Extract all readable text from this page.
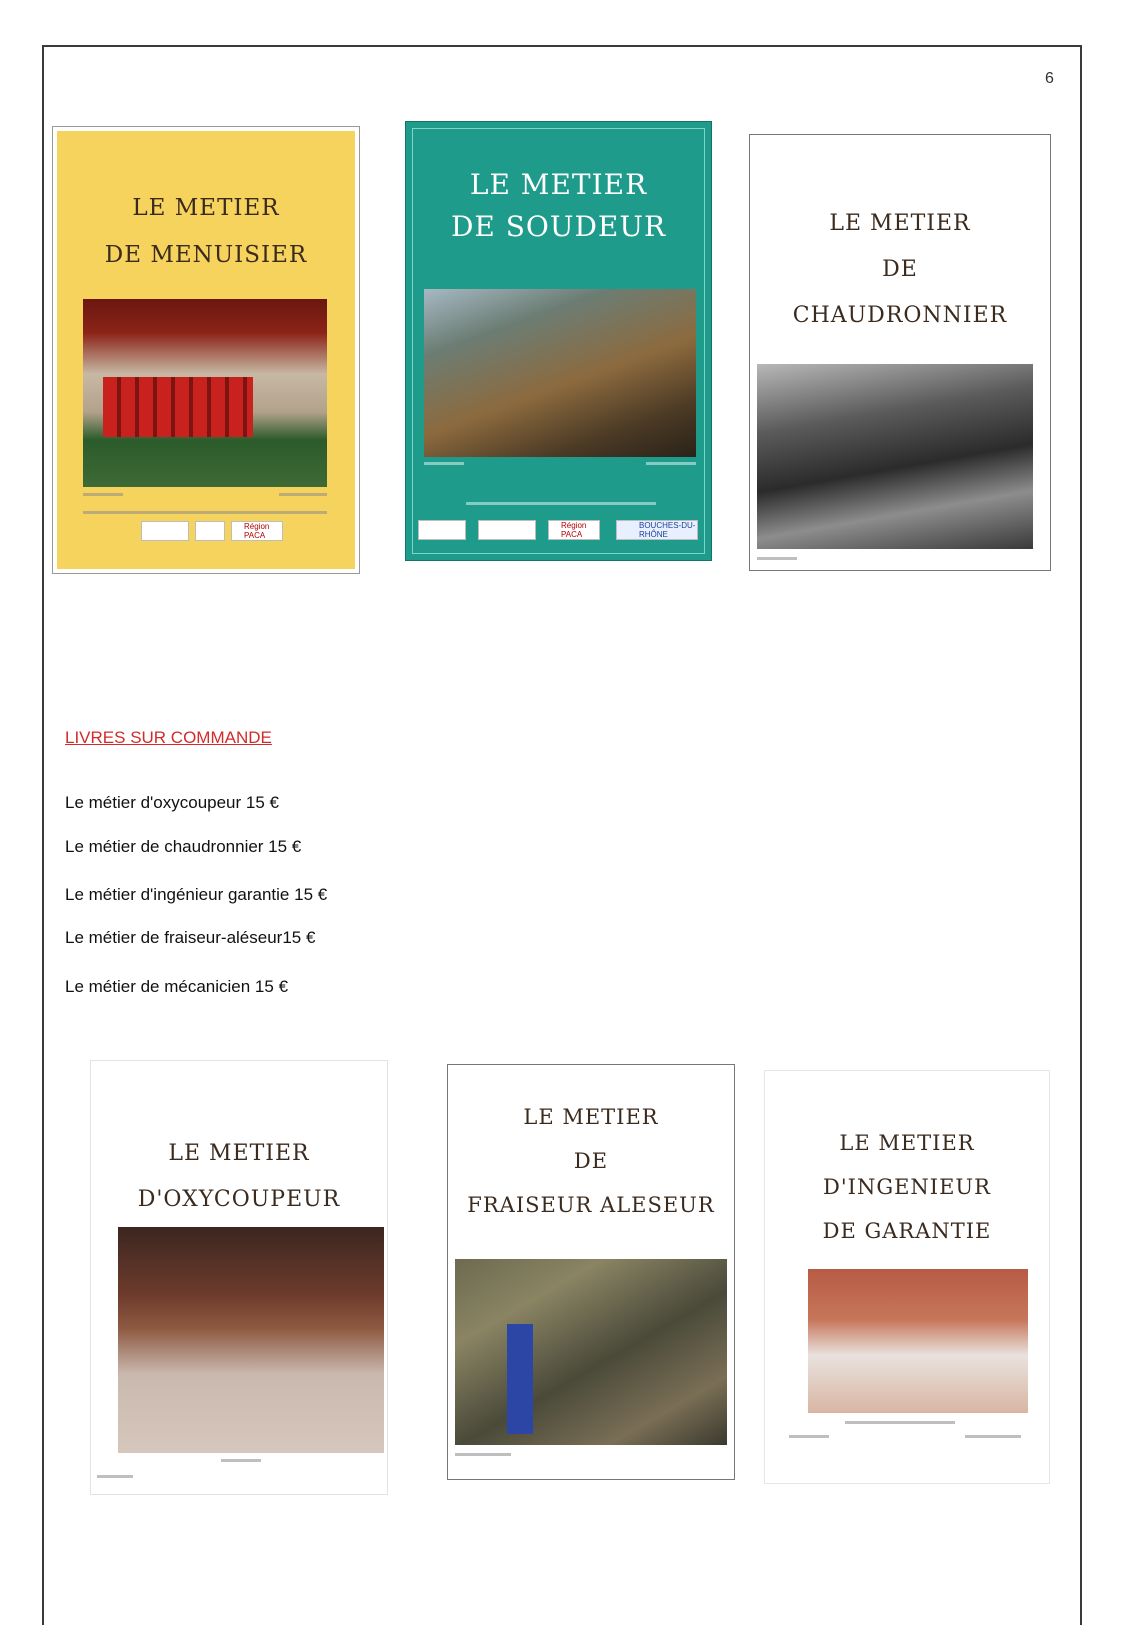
6
LE METIER
DE MENUISIER
Région PACA
LE METIER
DE SOUDEUR
Région PACA
BOUCHES-DU-RHÔNE
LE METIER
DE
CHAUDRONNIER
LIVRES SUR COMMANDE
Le métier d'oxycoupeur 15 €
Le métier de chaudronnier 15 €
Le métier d'ingénieur garantie 15 €
Le métier de fraiseur-aléseur15 €
Le métier de mécanicien 15 €
LE METIER
D'OXYCOUPEUR
LE METIER
DE
FRAISEUR ALESEUR
LE METIER
D'INGENIEUR
DE GARANTIE
